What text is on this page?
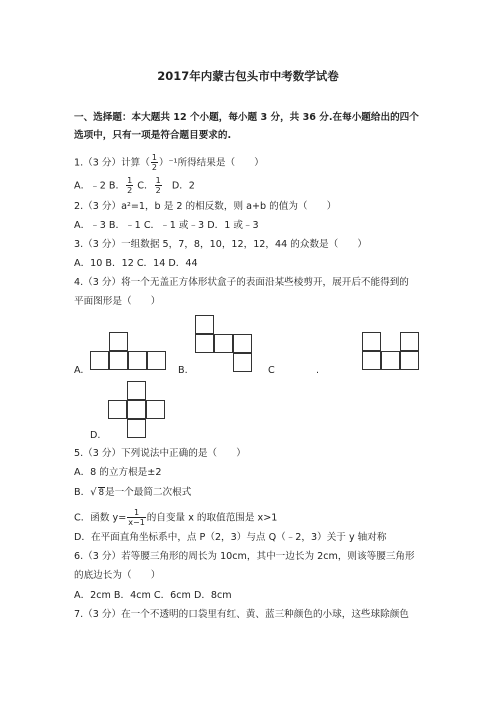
2017年内蒙古包头市中考数学试卷
一、选择题：本大题共 12 个小题，每小题 3 分，共 36 分.在每小题给出的四个
选项中，只有一项是符合题目要求的.
1.（3 分）计算（ $\frac{1}{2} )^{-1}$所得结果是（　　）
A．﹣2 B． $\frac{1}{2}$ C． $\frac{1}{2}$ D．2
2.（3 分）a²=1，b 是 2 的相反数，则 a+b 的值为（　　）
A．﹣3 B．﹣1 C．﹣1 或﹣3 D．1 或﹣3
3.（3 分）一组数据 5，7，8，10，12，12，44 的众数是（　　）
A．10 B．12 C．14 D．44
4.（3 分）将一个无盖正方体形状盒子的表面沿某些棱剪开，展开后不能得到的
平面图形是（　　）
A.	B.	C	.
D.
5.（3 分）下列说法中正确的是（　　）
A．8 的立方根是±2
B．√ 8是一个最简二次根式
C．函数 $y= \frac{1}{x-1}$ 的自变量 x 的取值范围是 x>1
D．在平面直角坐标系中，点 P（2，3）与点 Q（﹣2，3）关于 y 轴对称
6.（3 分）若等腰三角形的周长为 10cm，其中一边长为 2cm，则该等腰三角形
的底边长为（　　）
A．2cm B．4cm C．6cm D．8cm
7.（3 分）在一个不透明的口袋里有红、黄、蓝三种颜色的小球，这些球除颜色
